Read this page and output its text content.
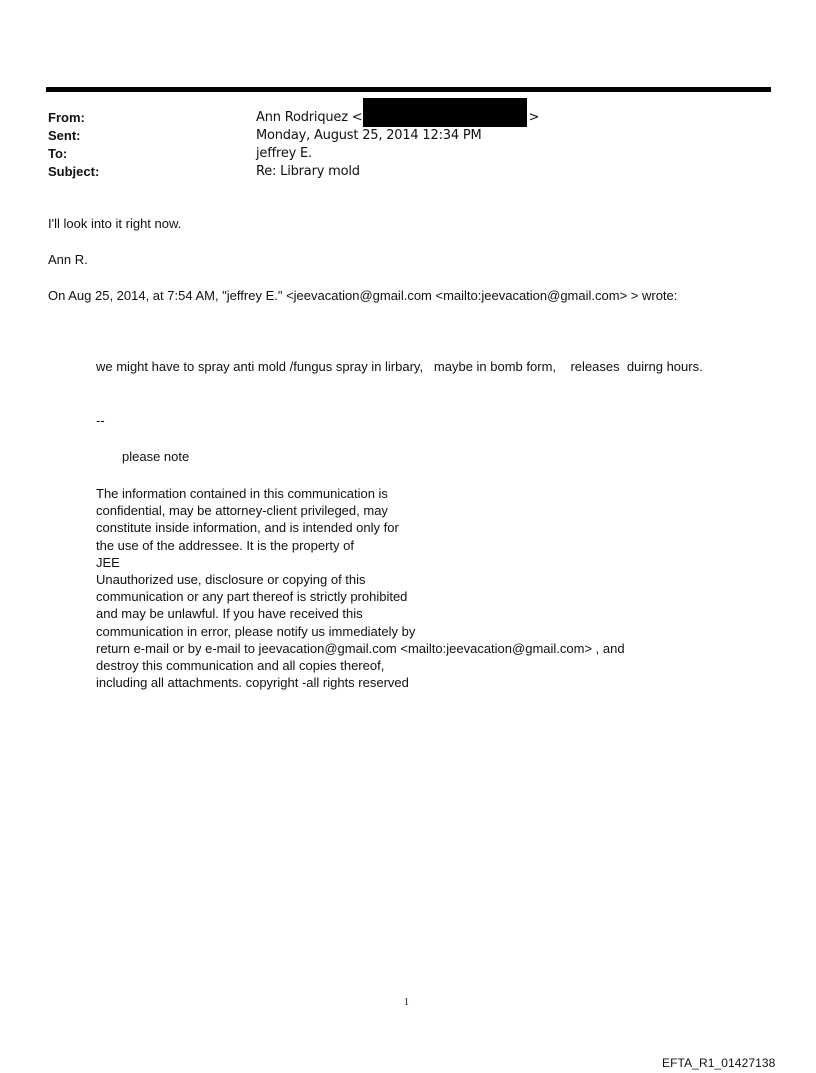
From:	Ann Rodriquez <	>
Sent:	Monday, August 25, 2014 12:34 PM
To:	jeffrey E.
Subject:	Re: Library mold
I'll look into it right now.
Ann R.
On Aug 25, 2014, at 7:54 AM, "jeffrey E." <jeevacation@gmail.com <mailto:jeevacation@gmail.com> > wrote:
we might have to spray anti mold /fungus spray in lirbary,   maybe in bomb form,    releases  duirng hours.
--
please note
The information contained in this communication is
confidential, may be attorney-client privileged, may
constitute inside information, and is intended only for
the use of the addressee. It is the property of
JEE
Unauthorized use, disclosure or copying of this
communication or any part thereof is strictly prohibited
and may be unlawful. If you have received this
communication in error, please notify us immediately by
return e-mail or by e-mail to jeevacation@gmail.com <mailto:jeevacation@gmail.com> , and
destroy this communication and all copies thereof,
including all attachments. copyright -all rights reserved
1
EFTA_R1_01427138
